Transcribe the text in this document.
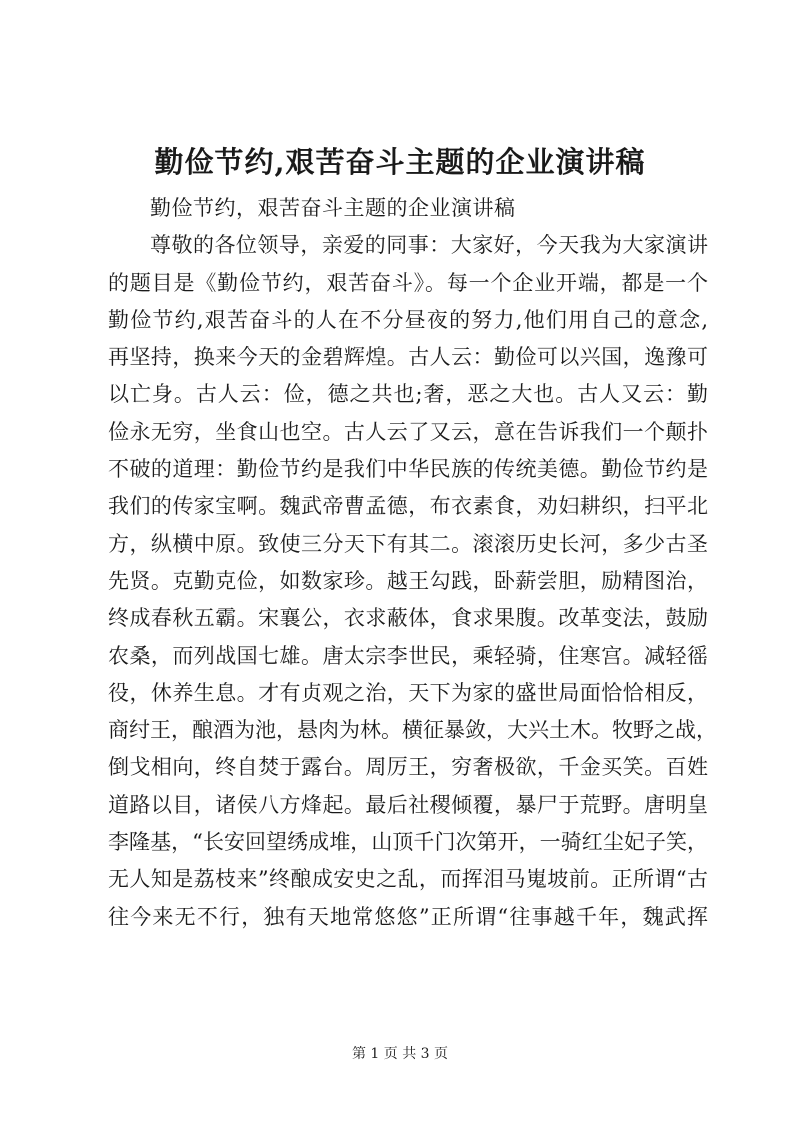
勤俭节约,艰苦奋斗主题的企业演讲稿
勤俭节约，艰苦奋斗主题的企业演讲稿
尊敬的各位领导，亲爱的同事：大家好，今天我为大家演讲
的题目是《勤俭节约，艰苦奋斗》。每一个企业开端，都是一个
勤俭节约,艰苦奋斗的人在不分昼夜的努力,他们用自己的意念,
再坚持，换来今天的金碧辉煌。古人云：勤俭可以兴国，逸豫可
以亡身。古人云：俭，德之共也;奢，恶之大也。古人又云：勤
俭永无穷，坐食山也空。古人云了又云，意在告诉我们一个颠扑
不破的道理：勤俭节约是我们中华民族的传统美德。勤俭节约是
我们的传家宝啊。魏武帝曹孟德，布衣素食，劝妇耕织，扫平北
方，纵横中原。致使三分天下有其二。滚滚历史长河，多少古圣
先贤。克勤克俭，如数家珍。越王勾践，卧薪尝胆，励精图治，
终成春秋五霸。宋襄公，衣求蔽体，食求果腹。改革变法，鼓励
农桑，而列战国七雄。唐太宗李世民，乘轻骑，住寒宫。减轻徭
役，休养生息。才有贞观之治，天下为家的盛世局面恰恰相反，
商纣王，酿酒为池，悬肉为林。横征暴敛，大兴土木。牧野之战，
倒戈相向，终自焚于露台。周厉王，穷奢极欲，千金买笑。百姓
道路以目，诸侯八方烽起。最后社稷倾覆，暴尸于荒野。唐明皇
李隆基，“长安回望绣成堆，山顶千门次第开，一骑红尘妃子笑，
无人知是荔枝来”终酿成安史之乱，而挥泪马嵬坡前。正所谓“古
往今来无不行，独有天地常悠悠”正所谓“往事越千年，魏武挥
第 1 页 共 3 页
